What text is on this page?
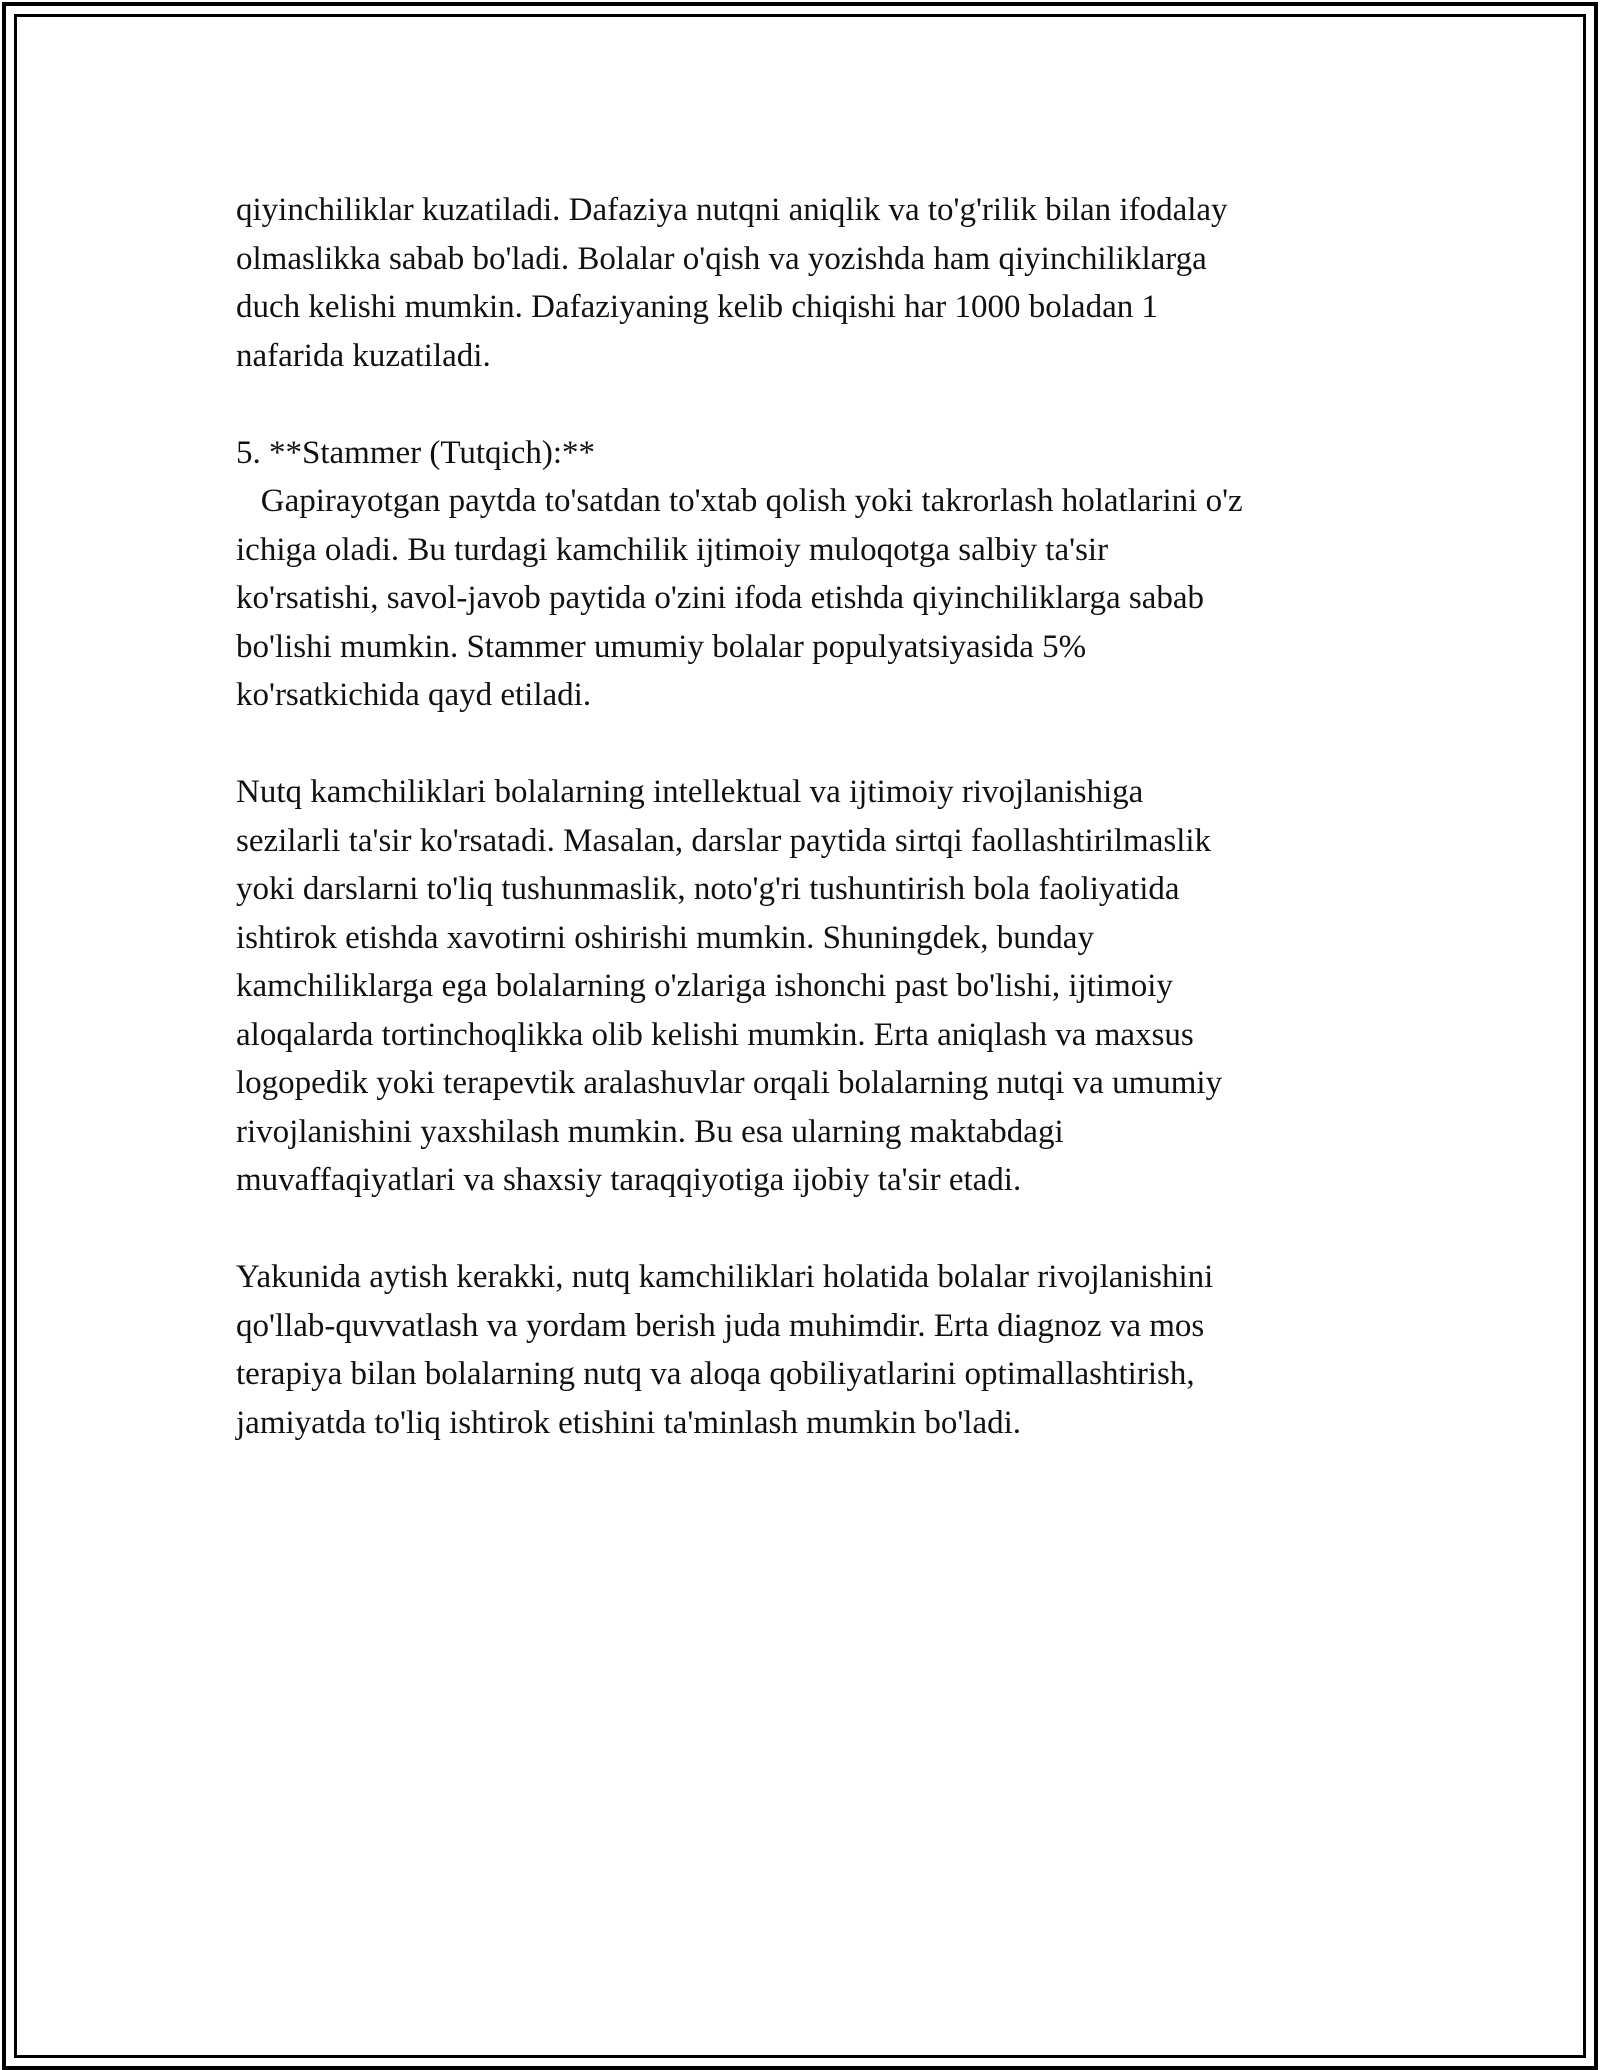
qiyinchiliklar kuzatiladi. Dafaziya nutqni aniqlik va to'g'rilik bilan ifodalay
olmaslikka sabab bo'ladi. Bolalar o'qish va yozishda ham qiyinchiliklarga
duch kelishi mumkin. Dafaziyaning kelib chiqishi har 1000 boladan 1
nafarida kuzatiladi.
5. **Stammer (Tutqich):**
Gapirayotgan paytda to'satdan to'xtab qolish yoki takrorlash holatlarini o'z
ichiga oladi. Bu turdagi kamchilik ijtimoiy muloqotga salbiy ta'sir
ko'rsatishi, savol-javob paytida o'zini ifoda etishda qiyinchiliklarga sabab
bo'lishi mumkin. Stammer umumiy bolalar populyatsiyasida 5%
ko'rsatkichida qayd etiladi.
Nutq kamchiliklari bolalarning intellektual va ijtimoiy rivojlanishiga
sezilarli ta'sir ko'rsatadi. Masalan, darslar paytida sirtqi faollashtirilmaslik
yoki darslarni to'liq tushunmaslik, noto'g'ri tushuntirish bola faoliyatida
ishtirok etishda xavotirni oshirishi mumkin. Shuningdek, bunday
kamchiliklarga ega bolalarning o'zlariga ishonchi past bo'lishi, ijtimoiy
aloqalarda tortinchoqlikka olib kelishi mumkin. Erta aniqlash va maxsus
logopedik yoki terapevtik aralashuvlar orqali bolalarning nutqi va umumiy
rivojlanishini yaxshilash mumkin. Bu esa ularning maktabdagi
muvaffaqiyatlari va shaxsiy taraqqiyotiga ijobiy ta'sir etadi.
Yakunida aytish kerakki, nutq kamchiliklari holatida bolalar rivojlanishini
qo'llab-quvvatlash va yordam berish juda muhimdir. Erta diagnoz va mos
terapiya bilan bolalarning nutq va aloqa qobiliyatlarini optimallashtirish,
jamiyatda to'liq ishtirok etishini ta'minlash mumkin bo'ladi.
